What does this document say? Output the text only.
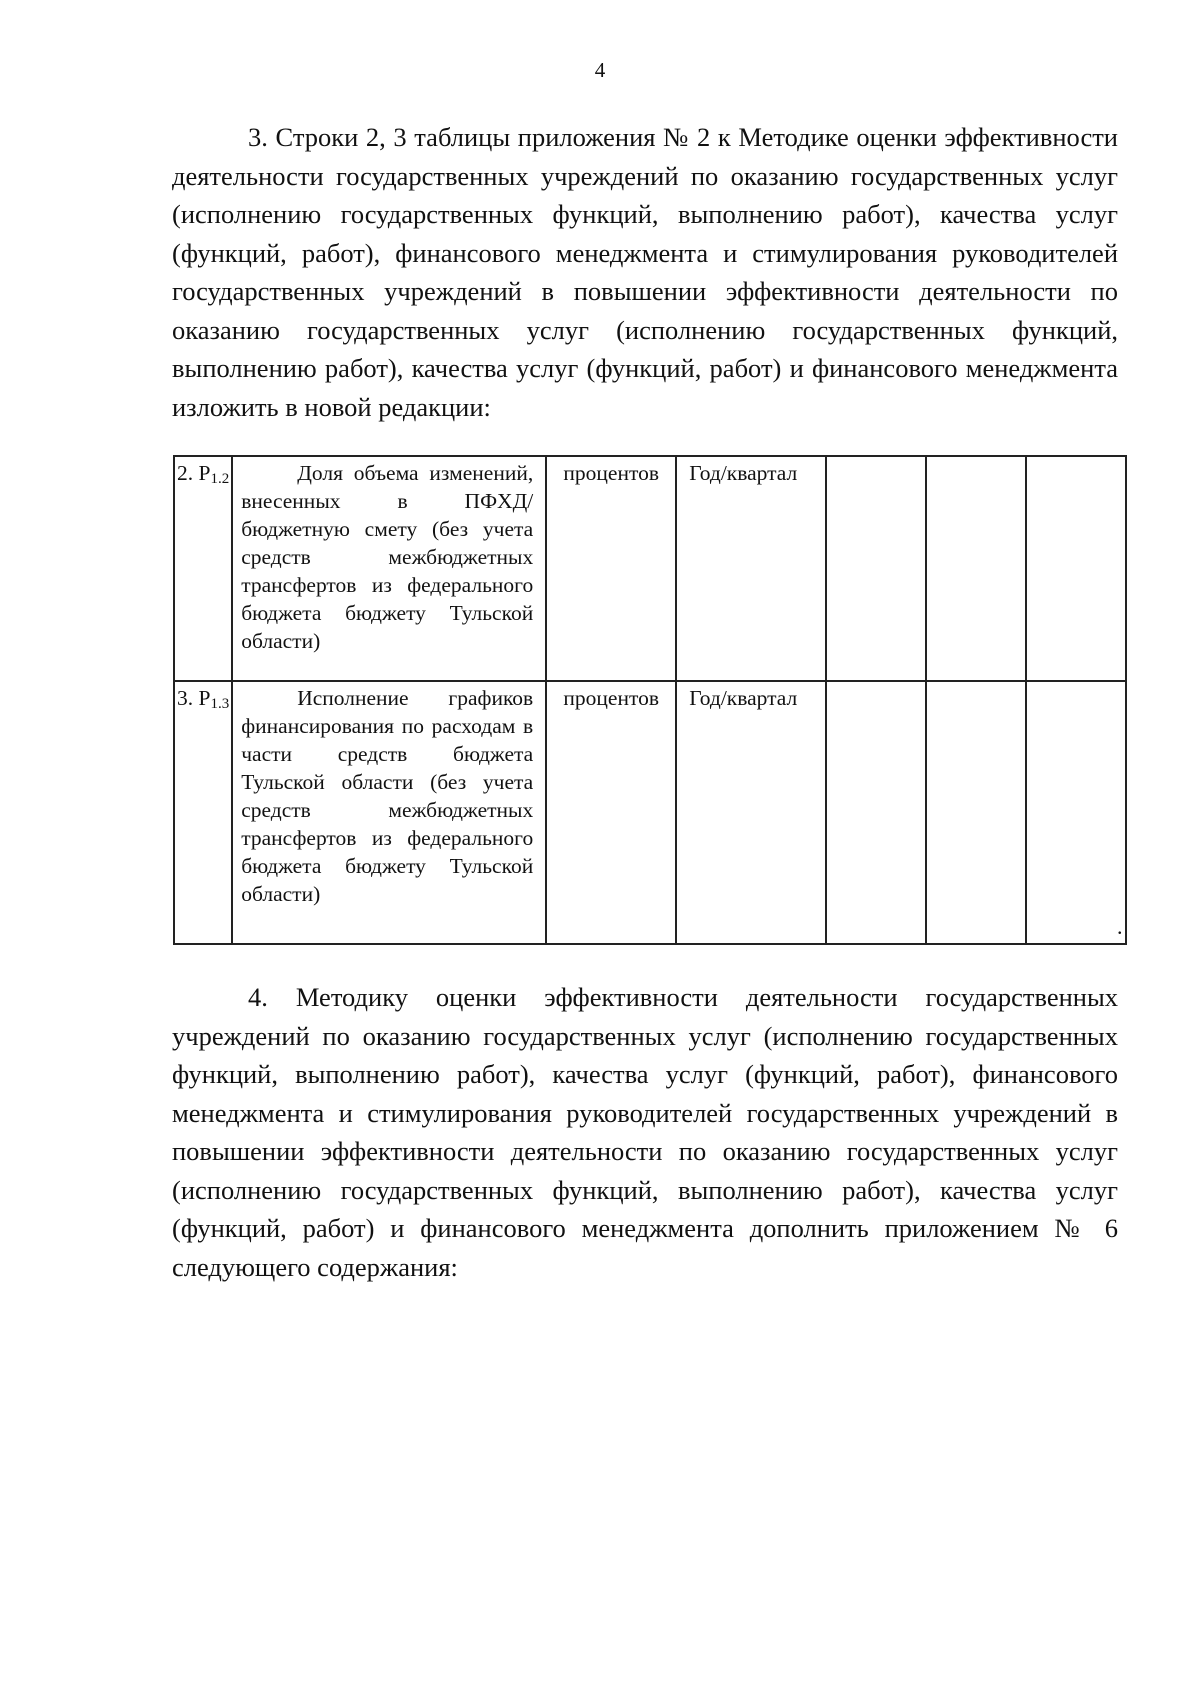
4

3. Строки 2, 3 таблицы приложения № 2 к Методике оценки эффективности деятельности государственных учреждений по оказанию государственных услуг (исполнению государственных функций, выполнению работ), качества услуг (функций, работ), финансового менеджмента и стимулирования руководителей государственных учреждений в повышении эффективности деятельности по оказанию государственных услуг (исполнению государственных функций, выполнению работ), качества услуг (функций, работ) и финансового менеджмента изложить в новой редакции:

2. $P_{1.2}$	Доля объема изменений, внесенных в ПФХД/бюджетную смету (без учета средств межбюджетных трансфертов из федерального бюджета бюджету Тульской области)	процентов	Год/квартал			
3. $P_{1.3}$	Исполнение графиков финансирования по расходам в части средств бюджета Тульской области (без учета средств межбюджетных трансфертов из федерального бюджета бюджету Тульской области)	процентов	Год/квартал			
.

4. Методику оценки эффективности деятельности государственных учреждений по оказанию государственных услуг (исполнению государственных функций, выполнению работ), качества услуг (функций, работ), финансового менеджмента и стимулирования руководителей государственных учреждений в повышении эффективности деятельности по оказанию государственных услуг (исполнению государственных функций, выполнению работ), качества услуг (функций, работ) и финансового менеджмента дополнить приложением № 6 следующего содержания:
